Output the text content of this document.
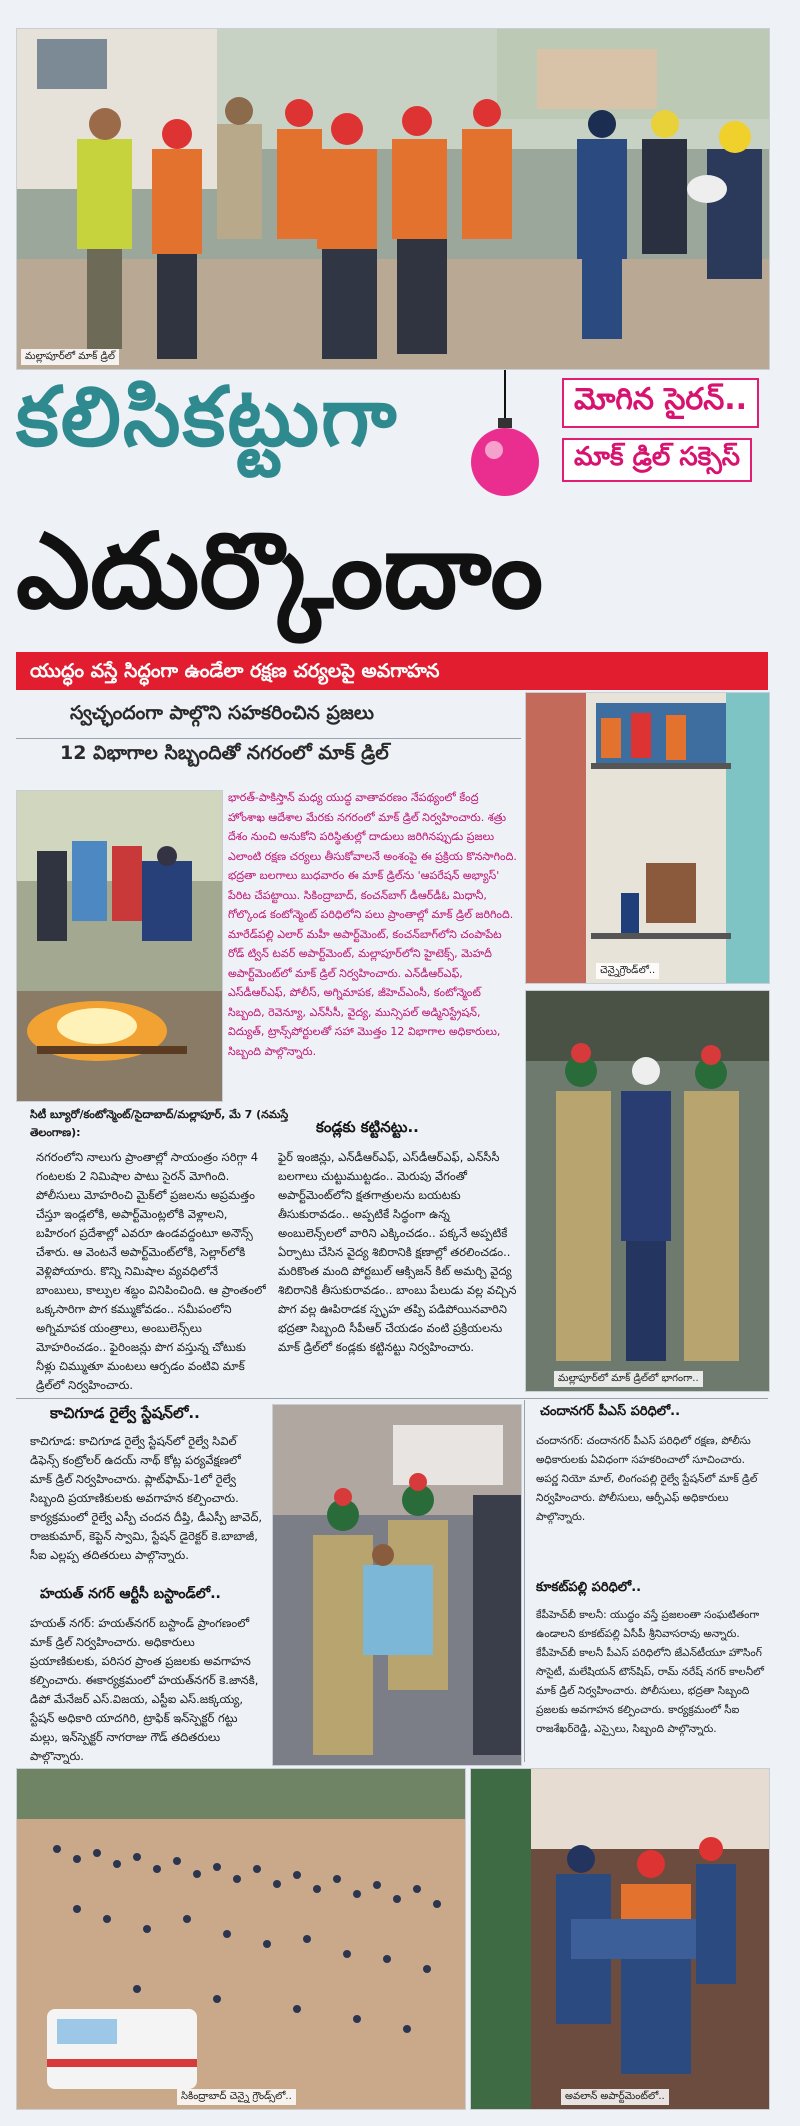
మల్లాపూర్‌లో మాక్ డ్రిల్
కలిసికట్టుగా	మోగిన సైరన్..
మాక్ డ్రిల్ సక్సెస్
ఎదుర్కొందాం
యుద్ధం వస్తే సిద్ధంగా ఉండేలా రక్షణ చర్యలపై అవగాహన
చెన్నైగ్రౌండ్‌లో..
స్వచ్ఛందంగా పాల్గొని సహకరించిన ప్రజలు
12 విభాగాల సిబ్బందితో నగరంలో మాక్ డ్రిల్
భారత్-పాకిస్తాన్ మధ్య యుద్ధ వాతావరణం నేపథ్యంలో కేంద్ర హోంశాఖ ఆదేశాల మేరకు నగరంలో మాక్ డ్రిల్ నిర్వహించారు. శత్రు దేశం నుంచి అనుకోని పరిస్థితుల్లో దాడులు జరిగినప్పుడు ప్రజలు ఎలాంటి రక్షణ చర్యలు తీసుకోవాలనే అంశంపై ఈ ప్రక్రియ కొనసాగింది. భద్రతా బలగాలు బుధవారం ఈ మాక్ డ్రిల్‌ను 'ఆపరేషన్ అభ్యాస్' పేరిట చేపట్టాయి. సికింద్రాబాద్, కంచన్‌బాగ్ డీఆర్‌డీఓ మిధానీ, గోల్కొండ కంటోన్మెంట్ పరిధిలోని పలు ప్రాంతాల్లో మాక్ డ్రిల్ జరిగింది. మారేడ్‌పల్లి ఎలార్ మహీ అపార్ట్‌మెంట్, కంచన్‌బాగ్‌లోని చంపాపేట రోడ్ ట్విన్ టవర్ అపార్ట్‌మెంట్, మల్లాపూర్‌లోని హైటెక్స్, మెహదీ అపార్ట్‌మెంట్‌లో మాక్ డ్రిల్ నిర్వహించారు. ఎన్‌డీఆర్‌ఎఫ్, ఎస్‌డీఆర్‌ఎఫ్, పోలీస్, అగ్నిమాపక, జీహెచ్ఎంసీ, కంటోన్మెంట్ సిబ్బంది, రెవెన్యూ, ఎన్‌సీసీ, వైద్య, మున్సిపల్ అడ్మినిస్ట్రేషన్, విద్యుత్, ట్రాన్స్‌పోర్టులతో సహా మొత్తం 12 విభాగాల అధికారులు, సిబ్బంది పాల్గొన్నారు.
సిటీ బ్యూరో/కంటోన్మెంట్/సైదాబాద్/మల్లాపూర్, మే 7 (నమస్తే తెలంగాణ):
నగరంలోని నాలుగు ప్రాంతాల్లో సాయంత్రం సరిగ్గా 4 గంటలకు 2 నిమిషాల పాటు సైరన్ మోగింది. పోలీసులు మోహరించి మైక్‌లో ప్రజలను అప్రమత్తం చేస్తూ ఇండ్లలోకి, అపార్ట్‌మెంట్లలోకి వెళ్లాలని, బహిరంగ ప్రదేశాల్లో ఎవరూ ఉండవద్దంటూ అనౌన్స్ చేశారు. ఆ వెంటనే అపార్ట్‌మెంట్‌లోకి, సెల్లార్‌లోకి వెళ్లిపోయారు. కొన్ని నిమిషాల వ్యవధిలోనే బాంబులు, కాల్పుల శబ్దం వినిపించింది. ఆ ప్రాంతంలో ఒక్కసారిగా పొగ కమ్ముకోవడం.. సమీపంలోని అగ్నిమాపక యంత్రాలు, అంబులెన్స్‌లు మోహరించడం.. ఫైరింజన్లు పొగ వస్తున్న చోటుకు నీళ్లు చిమ్ముతూ మంటలు ఆర్పడం వంటివి మాక్ డ్రిల్‌లో నిర్వహించారు.
కండ్లకు కట్టినట్టు..
ఫైర్ ఇంజిన్లు, ఎన్‌డీఆర్‌ఎఫ్, ఎస్‌డీఆర్‌ఎఫ్, ఎన్‌సీసీ బలగాలు చుట్టుముట్టడం.. మెరుపు వేగంతో అపార్ట్‌మెంట్‌లోని క్షతగాత్రులను బయటకు తీసుకురావడం.. అప్పటికే సిద్ధంగా ఉన్న అంబులెన్స్‌లలో వారిని ఎక్కించడం.. పక్కనే అప్పటికే ఏర్పాటు చేసిన వైద్య శిబిరానికి క్షణాల్లో తరలించడం.. మరికొంత మంది పోర్టబుల్ ఆక్సిజన్ కిట్ అమర్చి వైద్య శిబిరానికి తీసుకురావడం.. బాంబు పేలుడు వల్ల వచ్చిన పొగ వల్ల ఊపిరాడక స్పృహ తప్పి పడిపోయినవారిని భద్రతా సిబ్బంది సీపీఆర్ చేయడం వంటి ప్రక్రియలను మాక్ డ్రిల్‌లో కండ్లకు కట్టినట్టు నిర్వహించారు.
మల్లాపూర్‌లో మాక్ డ్రిల్‌లో భాగంగా..
కాచిగూడ రైల్వే స్టేషన్‌లో..
కాచిగూడ: కాచిగూడ రైల్వే స్టేషన్‌లో రైల్వే సివిల్ డిఫెన్స్ కంట్రోలర్ ఉదయ్ నాథ్ కోట్ల పర్యవేక్షణలో మాక్ డ్రిల్ నిర్వహించారు. ప్లాట్‌ఫామ్-1లో రైల్వే సిబ్బంది ప్రయాణికులకు అవగాహన కల్పించారు. కార్యక్రమంలో రైల్వే ఎస్పీ చందన దీప్తి, డీఎస్పీ జావెద్, రాజకుమార్, కెప్టెన్ స్వామి, స్టేషన్ డైరెక్టర్ కె.బాబాజీ, సీఐ ఎల్లప్ప తదితరులు పాల్గొన్నారు.
హయత్ నగర్ ఆర్టీసీ బస్టాండ్‌లో..
హయత్ నగర్: హయత్‌నగర్ బస్టాండ్ ప్రాంగణంలో మాక్ డ్రిల్ నిర్వహించారు. అధికారులు ప్రయాణికులకు, పరిసర ప్రాంత ప్రజలకు అవగాహన కల్పించారు. ఈకార్యక్రమంలో హయత్‌నగర్ కె.జానకి, డిపో మేనేజర్ ఎస్.విజయ, ఎస్టీఐ ఎస్.జక్కయ్య, స్టేషన్ అధికారి యాదగిరి, ట్రాఫిక్ ఇన్‌స్పెక్టర్ గట్టు మల్లు, ఇన్‌స్పెక్టర్ నాగరాజు గౌడ్ తదితరులు పాల్గొన్నారు.
చందానగర్ పీఎస్ పరిధిలో..
చందానగర్: చందానగర్ పీఎస్ పరిధిలో రక్షణ, పోలీసు అధికారులకు ఏవిధంగా సహకరించాలో సూచించారు. అపర్ణ నియో మాల్, లింగంపల్లి రైల్వే స్టేషన్‌లో మాక్ డ్రిల్ నిర్వహించారు. పోలీసులు, ఆర్పీఎఫ్ అధికారులు పాల్గొన్నారు.
కూకట్‌పల్లి పరిధిలో..
కేపీహెచ్‌బీ కాలనీ: యుద్ధం వస్తే ప్రజలంతా సంఘటితంగా ఉండాలని కూకట్‌పల్లి ఏసీపీ శ్రీనివాసరావు అన్నారు. కేపీహెచ్‌బీ కాలనీ పీఎస్ పరిధిలోని జేఎన్‌టీయూ హౌసింగ్ సొసైటీ, మలేషియన్ టౌన్‌షిప్, రామ్ నరేష్ నగర్ కాలనీలో మాక్ డ్రిల్ నిర్వహించారు. పోలీసులు, భద్రతా సిబ్బంది ప్రజలకు అవగాహన కల్పించారు. కార్యక్రమంలో సీఐ రాజశేఖర్‌రెడ్డి, ఎస్సైలు, సిబ్బంది పాల్గొన్నారు.
సికింద్రాబాద్ చెన్నై గ్రౌండ్స్‌లో..	అవలాన్ అపార్ట్‌మెంట్‌లో..
